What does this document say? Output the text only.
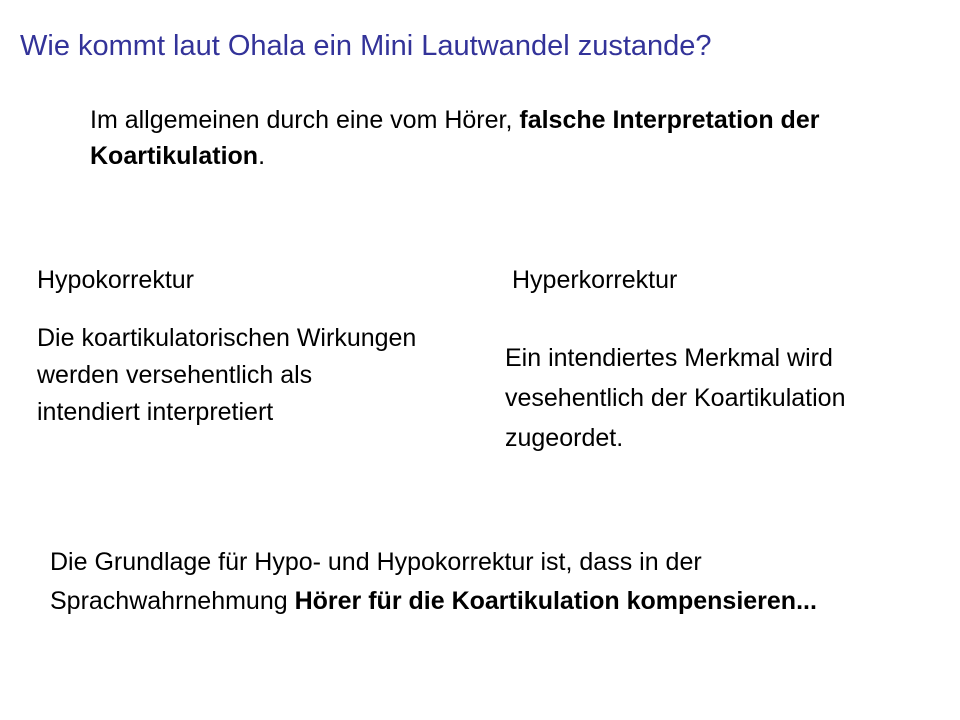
Wie kommt laut Ohala ein Mini Lautwandel zustande?

Im allgemeinen durch eine vom Hörer, falsche Interpretation der Koartikulation.

Hypokorrektur

Die koartikulatorischen Wirkungen werden versehentlich als intendiert interpretiert

Hyperkorrektur

Ein intendiertes Merkmal wird vesehentlich der Koartikulation zugeordet.

Die Grundlage für Hypo- und Hypokorrektur ist, dass in der Sprachwahrnehmung Hörer für die Koartikulation kompensieren...
